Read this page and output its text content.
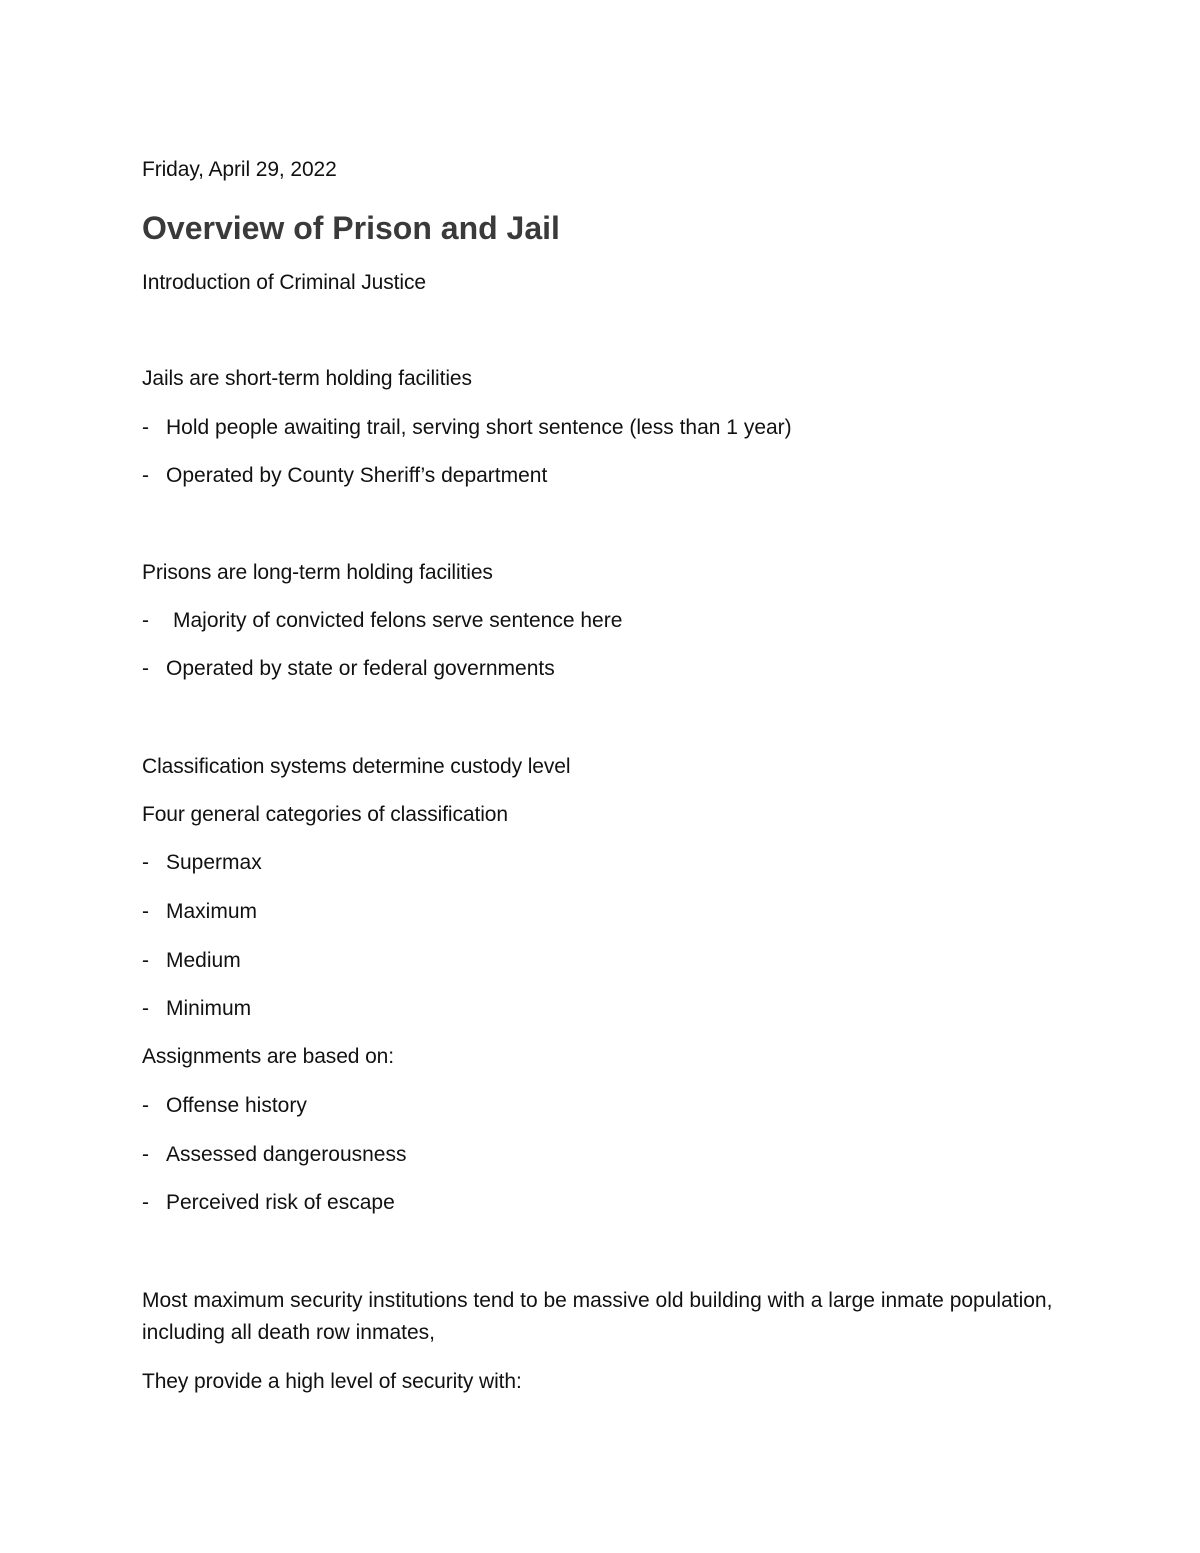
Friday, April 29, 2022
Overview of Prison and Jail
Introduction of Criminal Justice
Jails are short-term holding facilities
- Hold people awaiting trail, serving short sentence (less than 1 year)
- Operated by County Sheriff’s department
Prisons are long-term holding facilities
- Majority of convicted felons serve sentence here
- Operated by state or federal governments
Classification systems determine custody level
Four general categories of classification
- Supermax
- Maximum
- Medium
- Minimum
Assignments are based on:
- Offense history
- Assessed dangerousness
- Perceived risk of escape
Most maximum security institutions tend to be massive old building with a large inmate population, including all death row inmates,
They provide a high level of security with:
